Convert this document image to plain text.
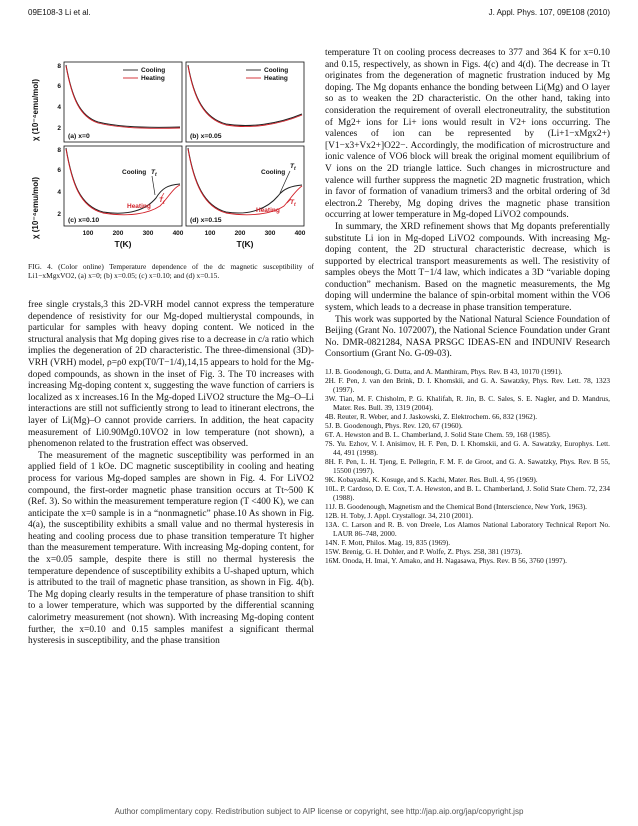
09E108-3 Li et al.	J. Appl. Phys. 107, 09E108 (2010)
χ (10⁻⁴emu/mol)
χ (10⁻⁴emu/mol)
8
6
4
2
8
6
4
2
100	200	300	400	100	200	300	400
T(K)	T(K)
Cooling
Heating
Cooling
Heating
(a) x=0	(b) x=0.05
(c) x=0.10	(d) x=0.15
Cooling $T_t$
Heating
$T_t$
Cooling
$T_t$
Heating
$T_t$
FIG. 4. (Color online) Temperature dependence of the dc magnetic susceptibility of Li1−xMgxVO2, (a) x=0; (b) x=0.05; (c) x=0.10; and (d) x=0.15.

free single crystals,3 this 2D-VRH model cannot express the temperature dependence of resistivity for our Mg-doped multierystal compounds, in particular for samples with heavy doping content. We noticed in the structural analysis that Mg doping gives rise to a decrease in c/a ratio which implies the degeneration of 2D characteristic. The three-dimensional (3D)-VRH (VRH) model, ρ=ρ0 exp(T0/T−1/4),14,15 appears to hold for the Mg-doped compounds, as shown in the inset of Fig. 3. The T0 increases with increasing Mg-doping content x, suggesting the wave function of carriers is localized as x increases.16 In the Mg-doped LiVO2 structure the Mg–O–Li interactions are still not sufficiently strong to lead to itinerant electrons, the layer of Li(Mg)–O cannot provide carriers. In addition, the heat capacity measurement of Li0.90Mg0.10VO2 in low temperature (not shown), a phenomenon related to the frustration effect was observed.

The measurement of the magnetic susceptibility was performed in an applied field of 1 kOe. DC magnetic susceptibility in cooling and heating process for various Mg-doped samples are shown in Fig. 4. For LiVO2 compound, the first-order magnetic phase transition occurs at Tt~500 K (Ref. 3). So within the measurement temperature region (T <400 K), we can anticipate the x=0 sample is in a “nonmagnetic” phase.10 As shown in Fig. 4(a), the susceptibility exhibits a small value and no thermal hysteresis in heating and cooling process due to phase transition temperature Tt higher than the measurement temperature. With increasing Mg-doping content, for the x=0.05 sample, despite there is still no thermal hysteresis the temperature dependence of susceptibility exhibits a U-shaped upturn, which is attributed to the trail of magnetic phase transition, as shown in Fig. 4(b). The Mg doping clearly results in the temperature of phase transition to shift to a lower temperature, which was supported by the differential scanning calorimetry measurement (not shown). With increasing Mg-doping content further, the x=0.10 and 0.15 samples manifest a significant thermal hysteresis in susceptibility, and the phase transition

temperature Tt on cooling process decreases to 377 and 364 K for x=0.10 and 0.15, respectively, as shown in Figs. 4(c) and 4(d). The decrease in Tt originates from the degeneration of magnetic frustration induced by Mg doping. The Mg dopants enhance the bonding between Li(Mg) and O layer so as to weaken the 2D characteristic. On the other hand, taking into consideration the requirement of overall electroneutrality, the substitution of Mg2+ ions for Li+ ions would result in V2+ ions occurring. The valences of ion can be represented by (Li+1−xMgx2+)[V1−x3+Vx2+]O22−. Accordingly, the modification of microstructure and ionic valence of VO6 block will break the original moment equilibrium of V ions on the 2D triangle lattice. Such changes in microstructure and valence will further suppress the magnetic 2D magnetic frustration, which in favor of formation of vanadium trimers3 and the orbital ordering of 3d electron.2 Thereby, Mg doping drives the magnetic phase transition occurring at lower temperature in Mg-doped LiVO2 compounds.

In summary, the XRD refinement shows that Mg dopants preferentially substitute Li ion in Mg-doped LiVO2 compounds. With increasing Mg-doping content, the 2D structural characteristic decrease, which is supported by electrical transport measurements as well. The resistivity of samples obeys the Mott T−1/4 law, which indicates a 3D “variable doping conduction” mechanism. Based on the magnetic measurements, the Mg doping will undermine the balance of spin-orbital moment within the VO6 system, which leads to a decrease in phase transition temperature.

This work was supported by the National Natural Science Foundation of Beijing (Grant No. 1072007), the National Science Foundation under Grant No. DMR-0821284, NASA PRSGC IDEAS-EN and INDUNIV Research Consortium (Grant No. G-09-03).

1J. B. Goodenough, G. Dutta, and A. Manthiram, Phys. Rev. B 43, 10170 (1991).
2H. F. Pen, J. van den Brink, D. I. Khomskii, and G. A. Sawatzky, Phys. Rev. Lett. 78, 1323 (1997).
3W. Tian, M. F. Chisholm, P. G. Khalifah, R. Jin, B. C. Sales, S. E. Nagler, and D. Mandrus, Mater. Res. Bull. 39, 1319 (2004).
4B. Reuter, R. Weber, and J. Jaskowski, Z. Elektrochem. 66, 832 (1962).
5J. B. Goodenough, Phys. Rev. 120, 67 (1960).
6T. A. Hewston and B. L. Chamberland, J. Solid State Chem. 59, 168 (1985).
7S. Yu. Ezhov, V. I. Anisimov, H. F. Pen, D. I. Khomskii, and G. A. Sawatzky, Europhys. Lett. 44, 491 (1998).
8H. F. Pen, L. H. Tjeng, E. Pellegrin, F. M. F. de Groot, and G. A. Sawatzky, Phys. Rev. B 55, 15500 (1997).
9K. Kobayashi, K. Kosuge, and S. Kachi, Mater. Res. Bull. 4, 95 (1969).
10L. P. Cardoso, D. E. Cox, T. A. Hewston, and B. L. Chamberland, J. Solid State Chem. 72, 234 (1988).
11J. B. Goodenough, Magnetism and the Chemical Bond (Interscience, New York, 1963).
12B. H. Toby, J. Appl. Crystallogr. 34, 210 (2001).
13A. C. Larson and R. B. von Dreele, Los Alamos National Laboratory Technical Report No. LAUR 86–748, 2000.
14N. F. Mott, Philos. Mag. 19, 835 (1969).
15W. Brenig, G. H. Dohler, and P. Wolfe, Z. Phys. 258, 381 (1973).
16M. Onoda, H. Imai, Y. Amako, and H. Nagasawa, Phys. Rev. B 56, 3760 (1997).
Author complimentary copy. Redistribution subject to AIP license or copyright, see http://jap.aip.org/jap/copyright.jsp
